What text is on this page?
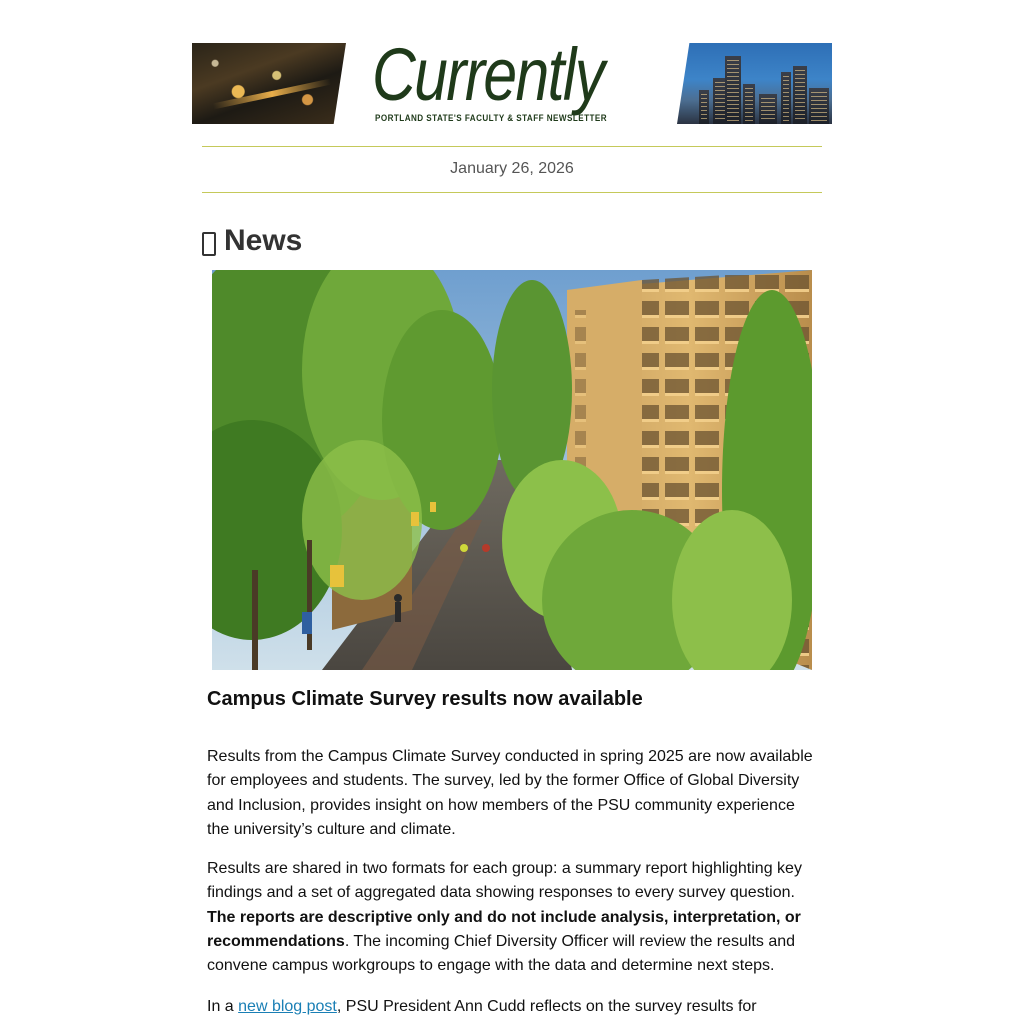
Currently
PORTLAND STATE'S FACULTY & STAFF NEWSLETTER
January 26, 2026
News
Campus Climate Survey results now available

Results from the Campus Climate Survey conducted in spring 2025 are now available for employees and students. The survey, led by the former Office of Global Diversity and Inclusion, provides insight on how members of the PSU community experience the university’s culture and climate.

Results are shared in two formats for each group: a summary report highlighting key findings and a set of aggregated data showing responses to every survey question. The reports are descriptive only and do not include analysis, interpretation, or recommendations. The incoming Chief Diversity Officer will review the results and convene campus workgroups to engage with the data and determine next steps.

In a new blog post, PSU President Ann Cudd reflects on the survey results for
